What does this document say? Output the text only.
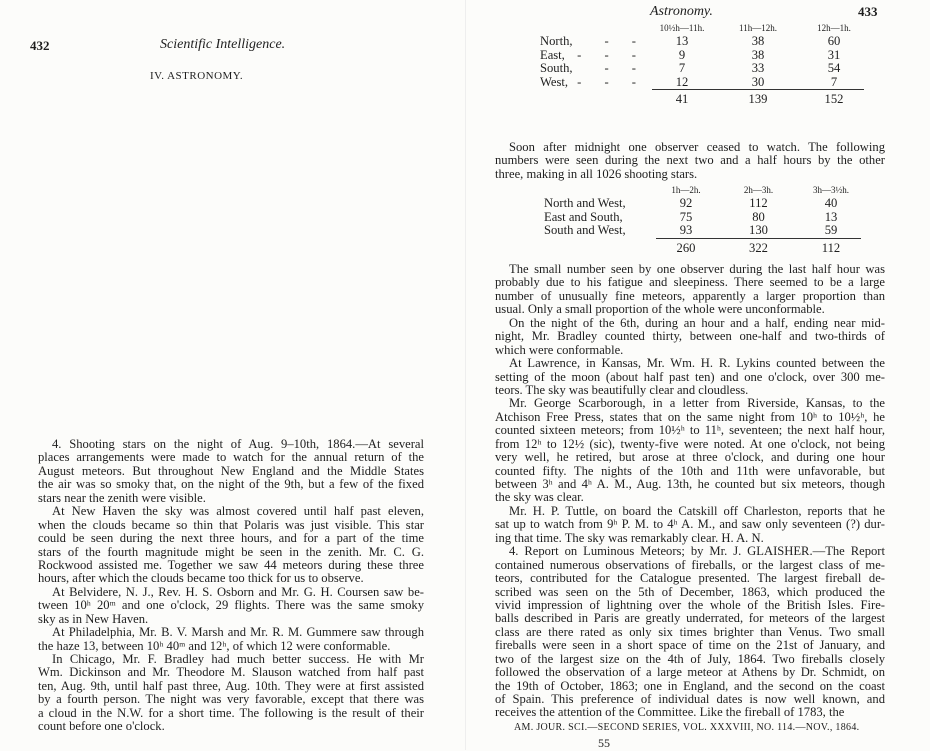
432	Scientific Intelligence.
IV. ASTRONOMY.
4. Shooting stars on the night of Aug. 9–10th, 1864.—At several
places arrangements were made to watch for the annual return of the
August meteors. But throughout New England and the Middle States
the air was so smoky that, on the night of the 9th, but a few of the fixed
stars near the zenith were visible.
At New Haven the sky was almost covered until half past eleven,
when the clouds became so thin that Polaris was just visible. This star
could be seen during the next three hours, and for a part of the time
stars of the fourth magnitude might be seen in the zenith. Mr. C. G.
Rockwood assisted me. Together we saw 44 meteors during these three
hours, after which the clouds became too thick for us to observe.
At Belvidere, N. J., Rev. H. S. Osborn and Mr. G. H. Coursen saw be-
tween 10ʰ 20ᵐ and one o'clock, 29 flights. There was the same smoky
sky as in New Haven.
At Philadelphia, Mr. B. V. Marsh and Mr. R. M. Gummere saw through
the haze 13, between 10ʰ 40ᵐ and 12ʰ, of which 12 were conformable.
In Chicago, Mr. F. Bradley had much better success. He with Mr
Wm. Dickinson and Mr. Theodore M. Slauson watched from half past
ten, Aug. 9th, until half past three, Aug. 10th. They were at first assisted
by a fourth person. The night was very favorable, except that there was
a cloud in the N.W. for a short time. The following is the result of their
count before one o'clock.
Astronomy.	433
	10½h—11h.	11h—12h.	12h—1h.
North, - -	13	38	60
East, - - -	9	38	31
South, - -	7	33	54
West, - - -	12	30	7
	41	139	152
Soon after midnight one observer ceased to watch. The following
numbers were seen during the next two and a half hours by the other
three, making in all 1026 shooting stars.
	1h—2h.	2h—3h.	3h—3½h.
North and West,	92	112	40
East and South,	75	80	13
South and West,	93	130	59
	260	322	112
The small number seen by one observer during the last half hour was
probably due to his fatigue and sleepiness. There seemed to be a large
number of unusually fine meteors, apparently a larger proportion than
usual. Only a small proportion of the whole were unconformable.
On the night of the 6th, during an hour and a half, ending near mid-
night, Mr. Bradley counted thirty, between one-half and two-thirds of
which were conformable.
At Lawrence, in Kansas, Mr. Wm. H. R. Lykins counted between the
setting of the moon (about half past ten) and one o'clock, over 300 me-
teors. The sky was beautifully clear and cloudless.
Mr. George Scarborough, in a letter from Riverside, Kansas, to the
Atchison Free Press, states that on the same night from 10ʰ to 10½ʰ, he
counted sixteen meteors; from 10½ʰ to 11ʰ, seventeen; the next half hour,
from 12ʰ to 12½ (sic), twenty-five were noted. At one o'clock, not being
very well, he retired, but arose at three o'clock, and during one hour
counted fifty. The nights of the 10th and 11th were unfavorable, but
between 3ʰ and 4ʰ A. M., Aug. 13th, he counted but six meteors, though
the sky was clear.
Mr. H. P. Tuttle, on board the Catskill off Charleston, reports that he
sat up to watch from 9ʰ P. M. to 4ʰ A. M., and saw only seventeen (?) dur-
ing that time. The sky was remarkably clear. H. A. N.
4. Report on Luminous Meteors; by Mr. J. GLAISHER.—The Report
contained numerous observations of fireballs, or the largest class of me-
teors, contributed for the Catalogue presented. The largest fireball de-
scribed was seen on the 5th of December, 1863, which produced the
vivid impression of lightning over the whole of the British Isles. Fire-
balls described in Paris are greatly underrated, for meteors of the largest
class are there rated as only six times brighter than Venus. Two small
fireballs were seen in a short space of time on the 21st of January, and
two of the largest size on the 4th of July, 1864. Two fireballs closely
followed the observation of a large meteor at Athens by Dr. Schmidt, on
the 19th of October, 1863; one in England, and the second on the coast
of Spain. This preference of individual dates is now well known, and
receives the attention of the Committee. Like the fireball of 1783, the
AM. JOUR. SCI.—SECOND SERIES, VOL. XXXVIII, NO. 114.—NOV., 1864.
55
